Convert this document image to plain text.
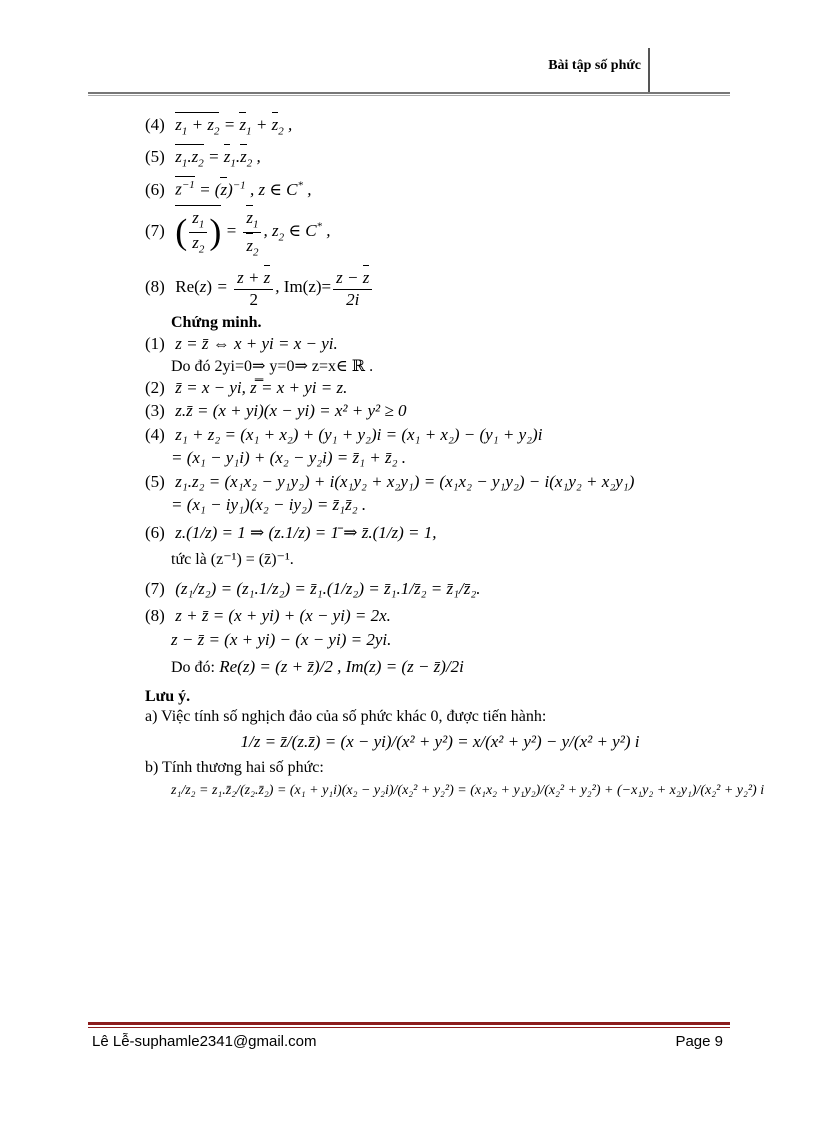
Bài tập số phức
(4) $z_1 + z_2 = z_1 + z_2$ ,
(5) $z_1.z_2 = z_1.z_2$ ,
(6) $z^{-1} = (z)^{-1}$ , z ∈ C* ,
(7) ( $\frac{z_1}{z_2}$ ) = $\frac{z_1}{z_2}$ , $z_2$ ∈ C* ,
(8) $Re(z) = \frac{z + z}{2}$ , $Im(z)= \frac{z - z}{2i}$
Chứng minh.
(1) z = z̄ ⇔ x + yi = x − yi.
Do đó 2yi=0⇒ y=0⇒ z=x∈ ℝ .
(2) z̄ = x − yi, z̿ = x + yi = z.
(3) z.z̄ = (x + yi)(x − yi) = x² + y² ≥ 0
(4) z₁ + z₂ = (x₁ + x₂) + (y₁ + y₂)i = (x₁ + x₂) − (y₁ + y₂)i
= (x₁ − y₁i) + (x₂ − y₂i) = z̄₁ + z̄₂ .
(5) z₁.z₂ = (x₁x₂ − y₁y₂) + i(x₁y₂ + x₂y₁) = (x₁x₂ − y₁y₂) − i(x₁y₂ + x₂y₁)
= (x₁ − iy₁)(x₂ − iy₂) = z̄₁z̄₂ .
(6) z.(1/z) = 1 ⇒ (z.1/z) = 1̄ ⇒ z̄.(1/z) = 1,
tức là (z⁻¹) = (z̄)⁻¹.
(7) (z₁/z₂) = (z₁.1/z₂) = z̄₁.(1/z₂) = z̄₁.1/z̄₂ = z̄₁/z̄₂.
(8) z + z̄ = (x + yi) + (x − yi) = 2x.
z − z̄ = (x + yi) − (x − yi) = 2yi.
Do đó: Re(z) = (z + z̄)/2 , Im(z) = (z − z̄)/2i
Lưu ý.
a) Việc tính số nghịch đảo của số phức khác 0, được tiến hành:
1/z = z̄/(z.z̄) = (x − yi)/(x² + y²) = x/(x² + y²) − y/(x² + y²) i
b) Tính thương hai số phức:
z₁/z₂ = z₁.z̄₂/(z₂.z̄₂) = (x₁ + y₁i)(x₂ − y₂i)/(x₂² + y₂²) = (x₁x₂ + y₁y₂)/(x₂² + y₂²) + (−x₁y₂ + x₂y₁)/(x₂² + y₂²) i
Lê Lễ-suphamle2341@gmail.com	Page 9
